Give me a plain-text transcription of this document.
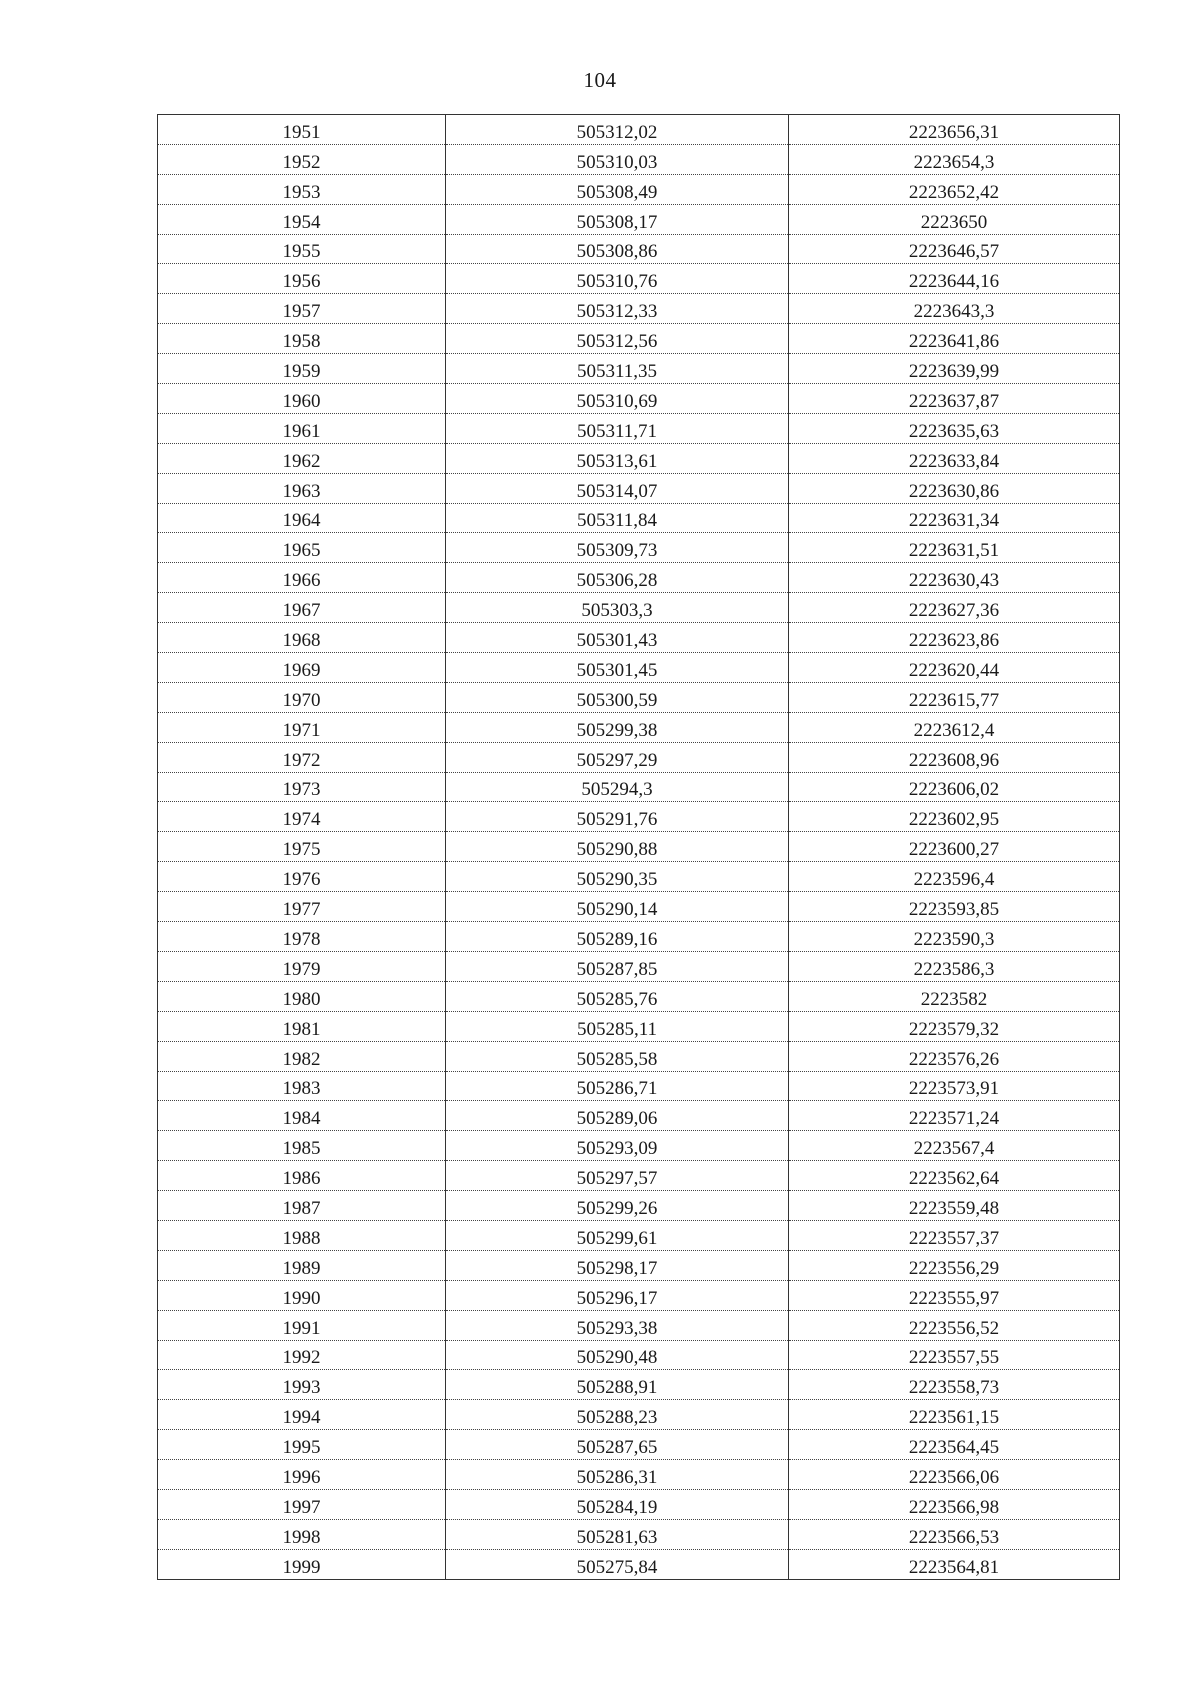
104
1951	505312,02	2223656,31
1952	505310,03	2223654,3
1953	505308,49	2223652,42
1954	505308,17	2223650
1955	505308,86	2223646,57
1956	505310,76	2223644,16
1957	505312,33	2223643,3
1958	505312,56	2223641,86
1959	505311,35	2223639,99
1960	505310,69	2223637,87
1961	505311,71	2223635,63
1962	505313,61	2223633,84
1963	505314,07	2223630,86
1964	505311,84	2223631,34
1965	505309,73	2223631,51
1966	505306,28	2223630,43
1967	505303,3	2223627,36
1968	505301,43	2223623,86
1969	505301,45	2223620,44
1970	505300,59	2223615,77
1971	505299,38	2223612,4
1972	505297,29	2223608,96
1973	505294,3	2223606,02
1974	505291,76	2223602,95
1975	505290,88	2223600,27
1976	505290,35	2223596,4
1977	505290,14	2223593,85
1978	505289,16	2223590,3
1979	505287,85	2223586,3
1980	505285,76	2223582
1981	505285,11	2223579,32
1982	505285,58	2223576,26
1983	505286,71	2223573,91
1984	505289,06	2223571,24
1985	505293,09	2223567,4
1986	505297,57	2223562,64
1987	505299,26	2223559,48
1988	505299,61	2223557,37
1989	505298,17	2223556,29
1990	505296,17	2223555,97
1991	505293,38	2223556,52
1992	505290,48	2223557,55
1993	505288,91	2223558,73
1994	505288,23	2223561,15
1995	505287,65	2223564,45
1996	505286,31	2223566,06
1997	505284,19	2223566,98
1998	505281,63	2223566,53
1999	505275,84	2223564,81
